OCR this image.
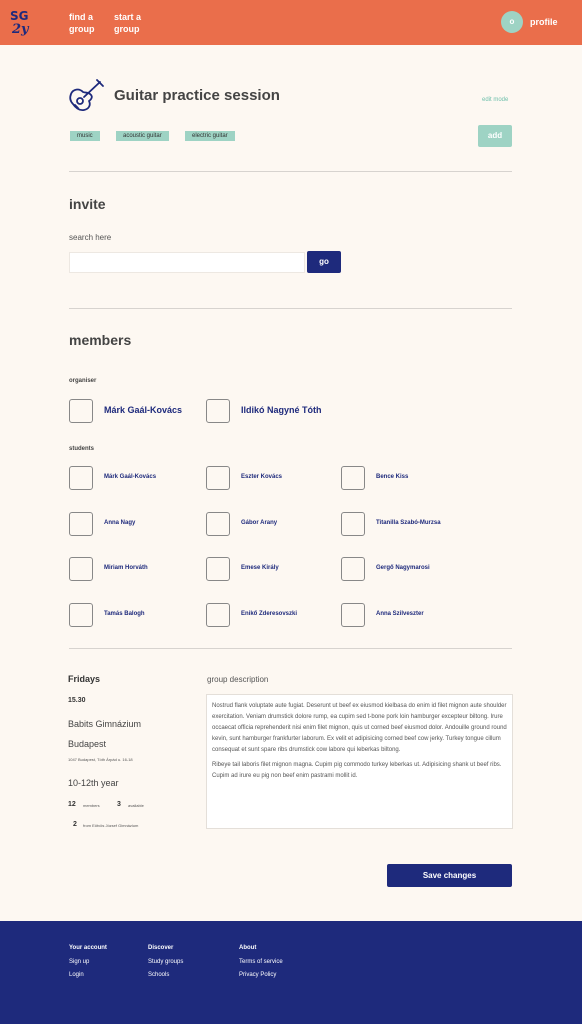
SG
2y
find a
group
start a
group
o	profile
Guitar practice session	edit mode
music	acoustic guitar	electric guitar	add
invite
search here
go
members
organiser
Márk Gaál-Kovács	Ildikó Nagyné Tóth
students
Márk Gaál-Kovács	Eszter Kovács	Bence Kiss
Anna Nagy	Gábor Arany	Titanilla Szabó-Murzsa
Miriam Horváth	Emese Király	Gergő Nagymarosi
Tamás Balogh	Enikő Zderesovszki	Anna Szilveszter
Fridays
15.30
Babits Gimnázium
Budapest
1047 Budapest, Tóth Árpád u. 16-18
10-12th year
12 members 3 available
2 from Eötvös József Gimnázium
group description

Nostrud flank voluptate aute fugiat. Deserunt ut beef ex eiusmod kielbasa do enim id filet mignon aute shoulder exercitation. Veniam drumstick dolore rump, ea cupim sed t-bone pork loin hamburger excepteur biltong. Irure occaecat officia reprehenderit nisi enim filet mignon, quis ut corned beef eiusmod dolor. Andouille ground round kevin, sunt hamburger frankfurter laborum. Ex velit et adipisicing corned beef cow jerky. Turkey tongue cillum consequat et sunt spare ribs drumstick cow labore qui leberkas biltong.

Ribeye tail laboris filet mignon magna. Cupim pig commodo turkey leberkas ut. Adipisicing shank ut beef ribs. Cupim ad irure eu pig non beef enim pastrami mollit id.

Save changes
Your account
Sign up
Login
Discover
Study groups
Schools
About
Terms of service
Privacy Policy
